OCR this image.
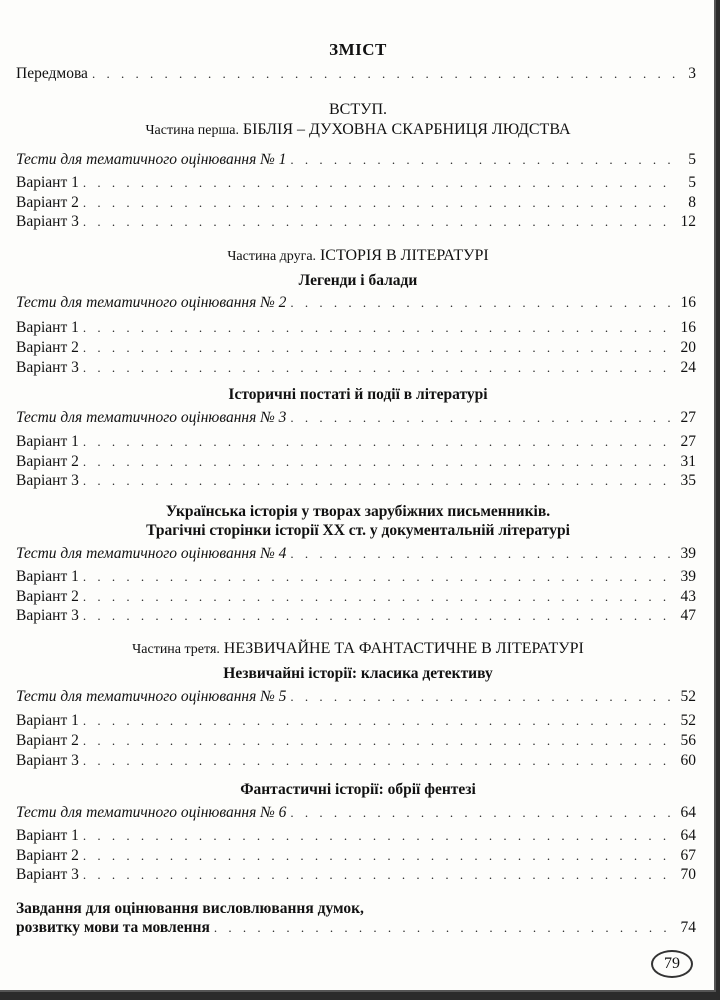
ЗМІСТ
Передмова . . .	3
ВСТУП.
Частина перша. БІБЛІЯ – ДУХОВНА СКАРБНИЦЯ ЛЮДСТВА
Тести для тематичного оцінювання № 1 . . .	5
Варіант 1 . . .	5
Варіант 2 . . .	8
Варіант 3 . . .	12
Частина друга. ІСТОРІЯ В ЛІТЕРАТУРІ
Легенди і балади
Тести для тематичного оцінювання № 2 . . .	16
Варіант 1 . . .	16
Варіант 2 . . .	20
Варіант 3 . . .	24
Історичні постаті й події в літературі
Тести для тематичного оцінювання № 3 . . .	27
Варіант 1 . . .	27
Варіант 2 . . .	31
Варіант 3 . . .	35
Українська історія у творах зарубіжних письменників.
Трагічні сторінки історії XX ст. у документальній літературі
Тести для тематичного оцінювання № 4 . . .	39
Варіант 1 . . .	39
Варіант 2 . . .	43
Варіант 3 . . .	47
Частина третя. НЕЗВИЧАЙНЕ ТА ФАНТАСТИЧНЕ В ЛІТЕРАТУРІ
Незвичайні історії: класика детективу
Тести для тематичного оцінювання № 5 . . .	52
Варіант 1 . . .	52
Варіант 2 . . .	56
Варіант 3 . . .	60
Фантастичні історії: обрії фентезі
Тести для тематичного оцінювання № 6 . . .	64
Варіант 1 . . .	64
Варіант 2 . . .	67
Варіант 3 . . .	70
Завдання для оцінювання висловлювання думок,
розвитку мови та мовлення . . .	74
79
